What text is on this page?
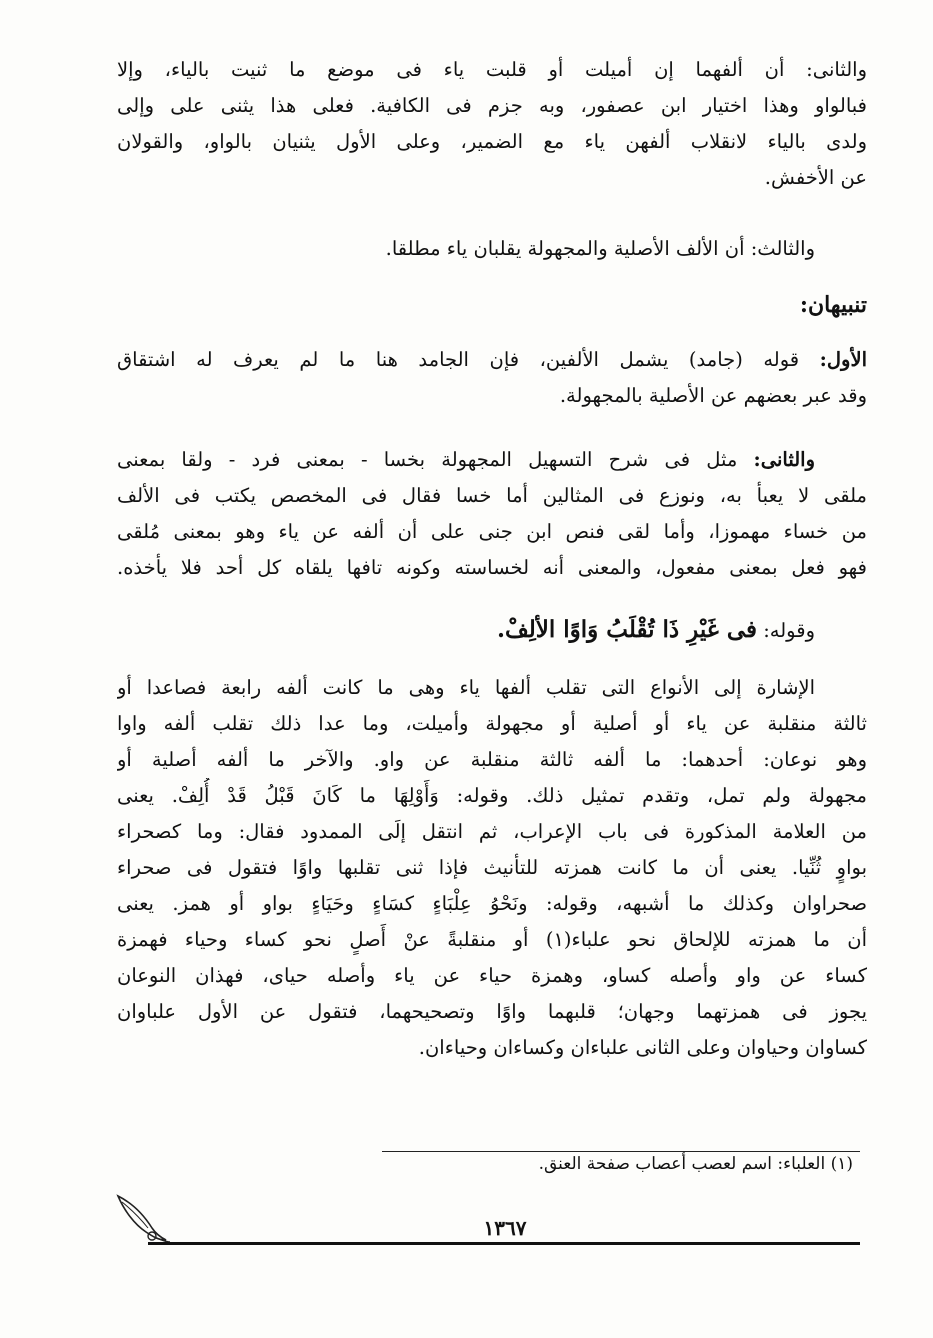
والثانى: أن ألفهما إن أميلت أو قلبت ياء فى موضع ما ثنيت بالياء، وإلا
فبالواو وهذا اختيار ابن عصفور، وبه جزم فى الكافية. فعلى هذا يثنى على وإلى
ولدى بالياء لانقلاب ألفهن ياء مع الضمير، وعلى الأول يثنيان بالواو، والقولان
عن الأخفش.
والثالث: أن الألف الأصلية والمجهولة يقلبان ياء مطلقا.
تنبيهان:
الأول: قوله (جامد) يشمل الألفين، فإن الجامد هنا ما لم يعرف له اشتقاق
وقد عبر بعضهم عن الأصلية بالمجهولة.
والثانى: مثل فى شرح التسهيل المجهولة بخسا - بمعنى فرد - ولقا بمعنى
ملقى لا يعبأ به، ونوزع فى المثالين أما خسا فقال فى المخصص يكتب فى الألف
من خساء مهموزا، وأما لقى فنص ابن جنى على أن ألفه عن ياء وهو بمعنى مُلقى
فهو فعل بمعنى مفعول، والمعنى أنه لخساسته وكونه تافها يلقاه كل أحد فلا يأخذه.
وقوله: فى غَيْرِ ذَا تُقْلَبُ وَاوًا الألِفْ.
الإشارة إلى الأنواع التى تقلب ألفها ياء وهى ما كانت ألفه رابعة فصاعدا أو
ثالثة منقلبة عن ياء أو أصلية أو مجهولة وأميلت، وما عدا ذلك تقلب ألفه واوا
وهو نوعان: أحدهما: ما ألفه ثالثة منقلبة عن واو. والآخر ما ألفه أصلية أو
مجهولة ولم تمل، وتقدم تمثيل ذلك. وقوله: وَأَوْلِهَا ما كَانَ قَبْلُ قَدْ أُلِفْ. يعنى
من العلامة المذكورة فى باب الإعراب، ثم انتقل إلَى الممدود فقال: وما كصحراء
بواوٍ ثُنِّيا. يعنى أن ما كانت همزته للتأنيث فإذا ثنى تقلبها واوًا فتقول فى صحراء
صحراوان وكذلك ما أشبهه، وقوله: ونَحْوُ عِلْبَاءٍ كسَاءٍ وحَيَاءٍ بواو أو همز. يعنى
أن ما همزته للإلحاق نحو علباء(١) أو منقلبةً عنْ أَصلٍ نحو كساء وحياء فهمزة
كساء عن واو وأصله كساو، وهمزة حياء عن ياء وأصله حياى، فهذان النوعان
يجوز فى همزتهما وجهان؛ قلبهما واوًا وتصحيحهما، فتقول عن الأول علباوان
كساوان وحياوان وعلى الثانى علباءان وكساءان وحياءان.
(١) العلباء: اسم لعصب أعصاب صفحة العنق.
١٣٦٧
